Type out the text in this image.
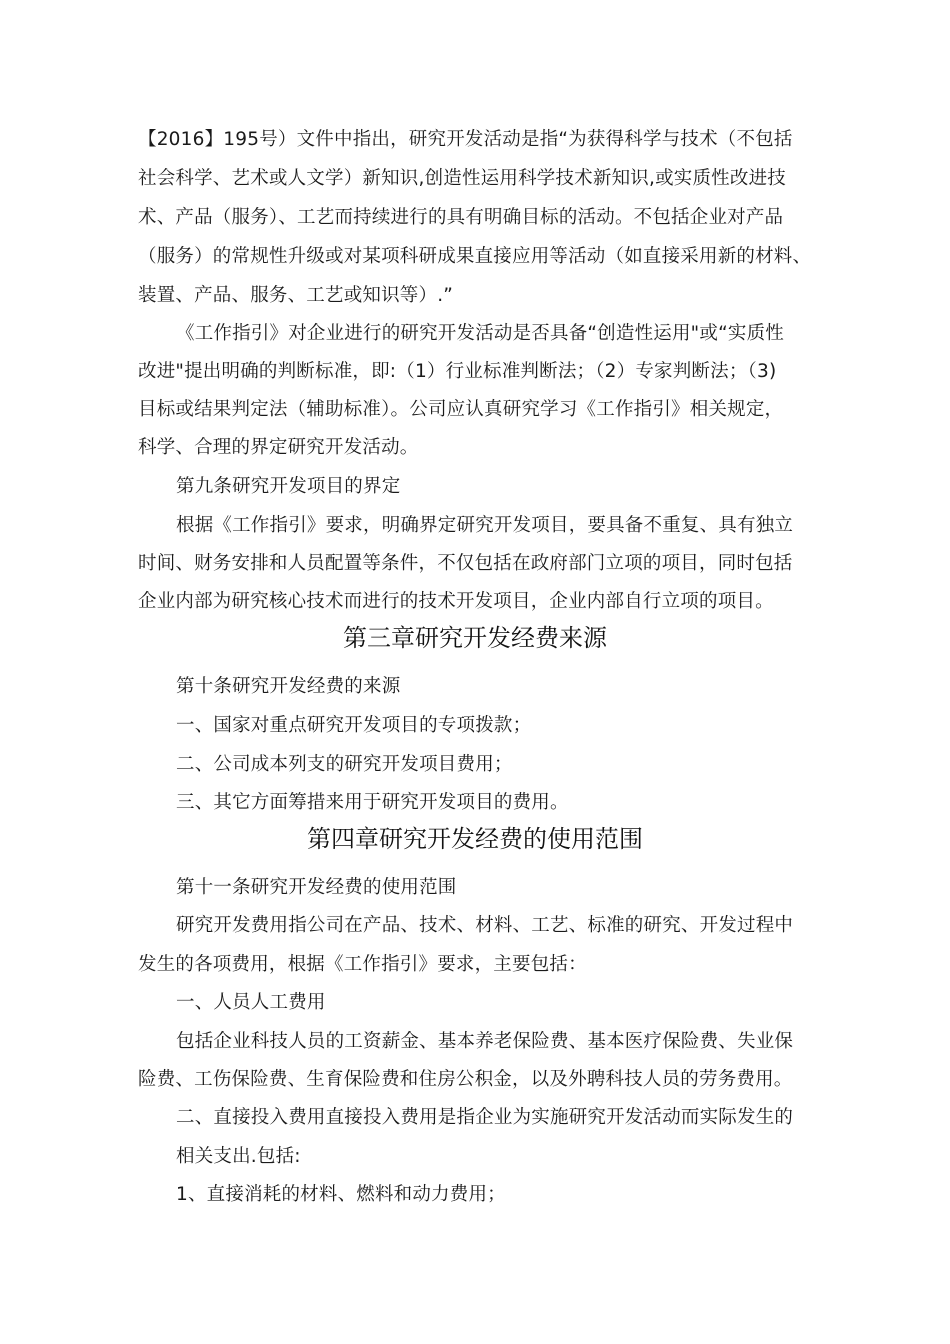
【2016】195号）文件中指出，研究开发活动是指“为获得科学与技术（不包括
社会科学、艺术或人文学）新知识,创造性运用科学技术新知识,或实质性改进技
术、产品（服务）、工艺而持续进行的具有明确目标的活动。不包括企业对产品
（服务）的常规性升级或对某项科研成果直接应用等活动（如直接采用新的材料、
装置、产品、服务、工艺或知识等）.”
《工作指引》对企业进行的研究开发活动是否具备“创造性运用"或“实质性
改进"提出明确的判断标准，即:（1）行业标准判断法；（2）专家判断法；（3)
目标或结果判定法（辅助标准）。公司应认真研究学习《工作指引》相关规定，
科学、合理的界定研究开发活动。
第九条研究开发项目的界定
根据《工作指引》要求，明确界定研究开发项目，要具备不重复、具有独立
时间、财务安排和人员配置等条件，不仅包括在政府部门立项的项目，同时包括
企业内部为研究核心技术而进行的技术开发项目，企业内部自行立项的项目。
第三章研究开发经费来源
第十条研究开发经费的来源
一、国家对重点研究开发项目的专项拨款；
二、公司成本列支的研究开发项目费用；
三、其它方面筹措来用于研究开发项目的费用。
第四章研究开发经费的使用范围
第十一条研究开发经费的使用范围
研究开发费用指公司在产品、技术、材料、工艺、标准的研究、开发过程中
发生的各项费用，根据《工作指引》要求，主要包括：
一、人员人工费用
包括企业科技人员的工资薪金、基本养老保险费、基本医疗保险费、失业保
险费、工伤保险费、生育保险费和住房公积金，以及外聘科技人员的劳务费用。
二、直接投入费用直接投入费用是指企业为实施研究开发活动而实际发生的
相关支出.包括:
1、直接消耗的材料、燃料和动力费用；
